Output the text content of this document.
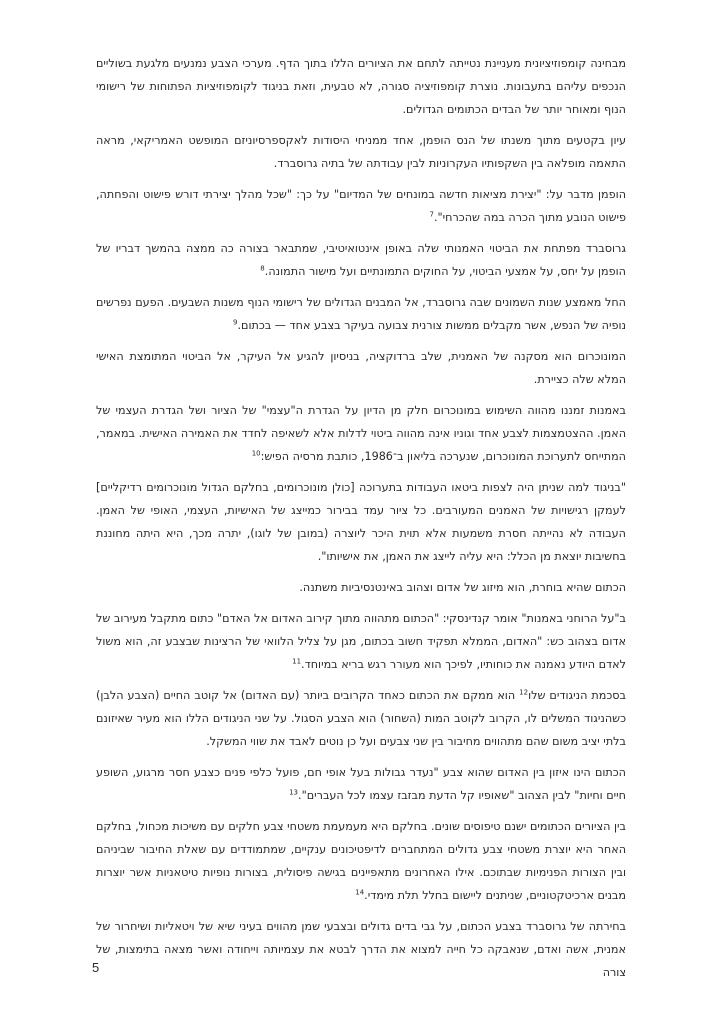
מבחינה קומפוזיציונית מעניינת נטייתה לתחם את הציורים הללו בתוך הדף. מערכי הצבע נמנעים מלגעת בשוליים הנכפים עליהם בתעבונות. נוצרת קומפוזיציה סגורה, לא טבעית, וזאת בניגוד לקומפוזיציות הפתוחות של רישומי הנוף ומאוחר יותר של הבדים הכתומים הגדולים.

עיון בקטעים מתוך משנתו של הנס הופמן, אחד ממניחי היסודות לאקספרסיוניזם המופשט האמריקאי, מראה התאמה מופלאה בין השקפותיו העקרוניות לבין עבודתה של בתיה גרוסברד.

הופמן מדבר על: "יצירת מציאות חדשה במונחים של המדיום" על כך: "שכל מהלך יצירתי דורש פישוט והפחתה, פישוט הנובע מתוך הכרה במה שהכרחי".$^7$

גרוסברד מפתחת את הביטוי האמנותי שלה באופן אינטואיטיבי, שמתבאר בצורה כה ממצה בהמשך דבריו של הופמן על יחס, על אמצעי הביטוי, על החוקים התמונתיים ועל מישור התמונה.$^8$

החל מאמצע שנות השמונים שבה גרוסברד, אל המבנים הגדולים של רישומי הנוף משנות השבעים. הפעם נפרשים נופיה של הנפש, אשר מקבלים ממשות צורנית צבועה בעיקר בצבע אחד — בכתום.$^9$

המונוכרום הוא מסקנה של האמנית, שלב ברדוקציה, בניסיון להגיע אל העיקר, אל הביטוי המתומצת האישי המלא שלה כציירת.

באמנות זמננו מהווה השימוש במונוכרום חלק מן הדיון על הגדרת ה"עצמי" של הציור ושל הגדרת העצמי של האמן. ההצטמצמות לצבע אחד וגוניו אינה מהווה ביטוי לדלות אלא לשאיפה לחדד את האמירה האישית. במאמר, המתייחס לתערוכת המונוכרום, שנערכה בליאון ב־1986, כותבת מרסיה הפיש:$^{10}$

"בניגוד למה שניתן היה לצפות ביטאו העבודות בתערוכה [כולן מונוכרומים, בחלקם הגדול מונוכרומים רדיקליים] לעמקן רגישויות של האמנים המעורבים. כל ציור עמד בבירור כמייצג של האישיות, העצמי, האופי של האמן. העבודה לא נהייתה חסרת משמעות אלא תוית היכר ליוצרה (במובן של לוגו), יתרה מכך, היא היתה מחוננת בחשיבות יוצאת מן הכלל: היא עליה לייצג את האמן, את אישיותו".

הכתום שהיא בוחרת, הוא מיזוג של אדום וצהוב באינטנסיביות משתנה.

ב"על הרוחני באמנות" אומר קנדינסקי: "הכתום מתהווה מתוך קירוב האדום אל האדם" כתום מתקבל מעירוב של אדום בצהוב כש: "האדום, הממלא תפקיד חשוב בכתום, מגן על צליל הלוואי של הרצינות שבצבע זה, הוא משול לאדם היודע נאמנה את כוחותיו, לפיכך הוא מעורר רגש בריא במיוחד.$^{11}$

בסכמת הניגודים שלו$^{12}$ הוא ממקם את הכתום כאחד הקרובים ביותר (עם האדום) אל קוטב החיים (הצבע הלבן) כשהניגוד המשלים לו, הקרוב לקוטב המות (השחור) הוא הצבע הסגול. על שני הניגודים הללו הוא מעיר שאיזונם בלתי יציב משום שהם מתהווים מחיבור בין שני צבעים ועל כן נוטים לאבד את שווי המשקל.

הכתום הינו איזון בין האדום שהוא צבע "נעדר גבולות בעל אופי חם, פועל כלפי פנים כצבע חסר מרגוע, השופע חיים וחיות" לבין הצהוב "שאופיו קל הדעת מבזבז עצמו לכל העברים".$^{13}$

בין הציורים הכתומים ישנם טיפוסים שונים. בחלקם היא מעמעמת משטחי צבע חלקים עם משיכות מכחול, בחלקם האחר היא יוצרת משטחי צבע גדולים המתחברים לדיפטיכונים ענקיים, שמתמודדים עם שאלת החיבור שביניהם ובין הצורות הפנימיות שבתוכם. אילו האחרונים מתאפיינים בגישה פיסולית, בצורות נופיות טיטאניות אשר יוצרות מבנים ארכיטקטוניים, שניתנים ליישום בחלל תלת מימדי.$^{14}$

בחירתה של גרוסברד בצבע הכתום, על גבי בדים גדולים ובצבעי שמן מהווים בעיני שיא של ויטאליות ושיחרור של אמנית, אשה ואדם, שנאבקה כל חייה למצוא את הדרך לבטא את עצמיותה וייחודה ואשר מצאה בתימצות, של צורה

5
